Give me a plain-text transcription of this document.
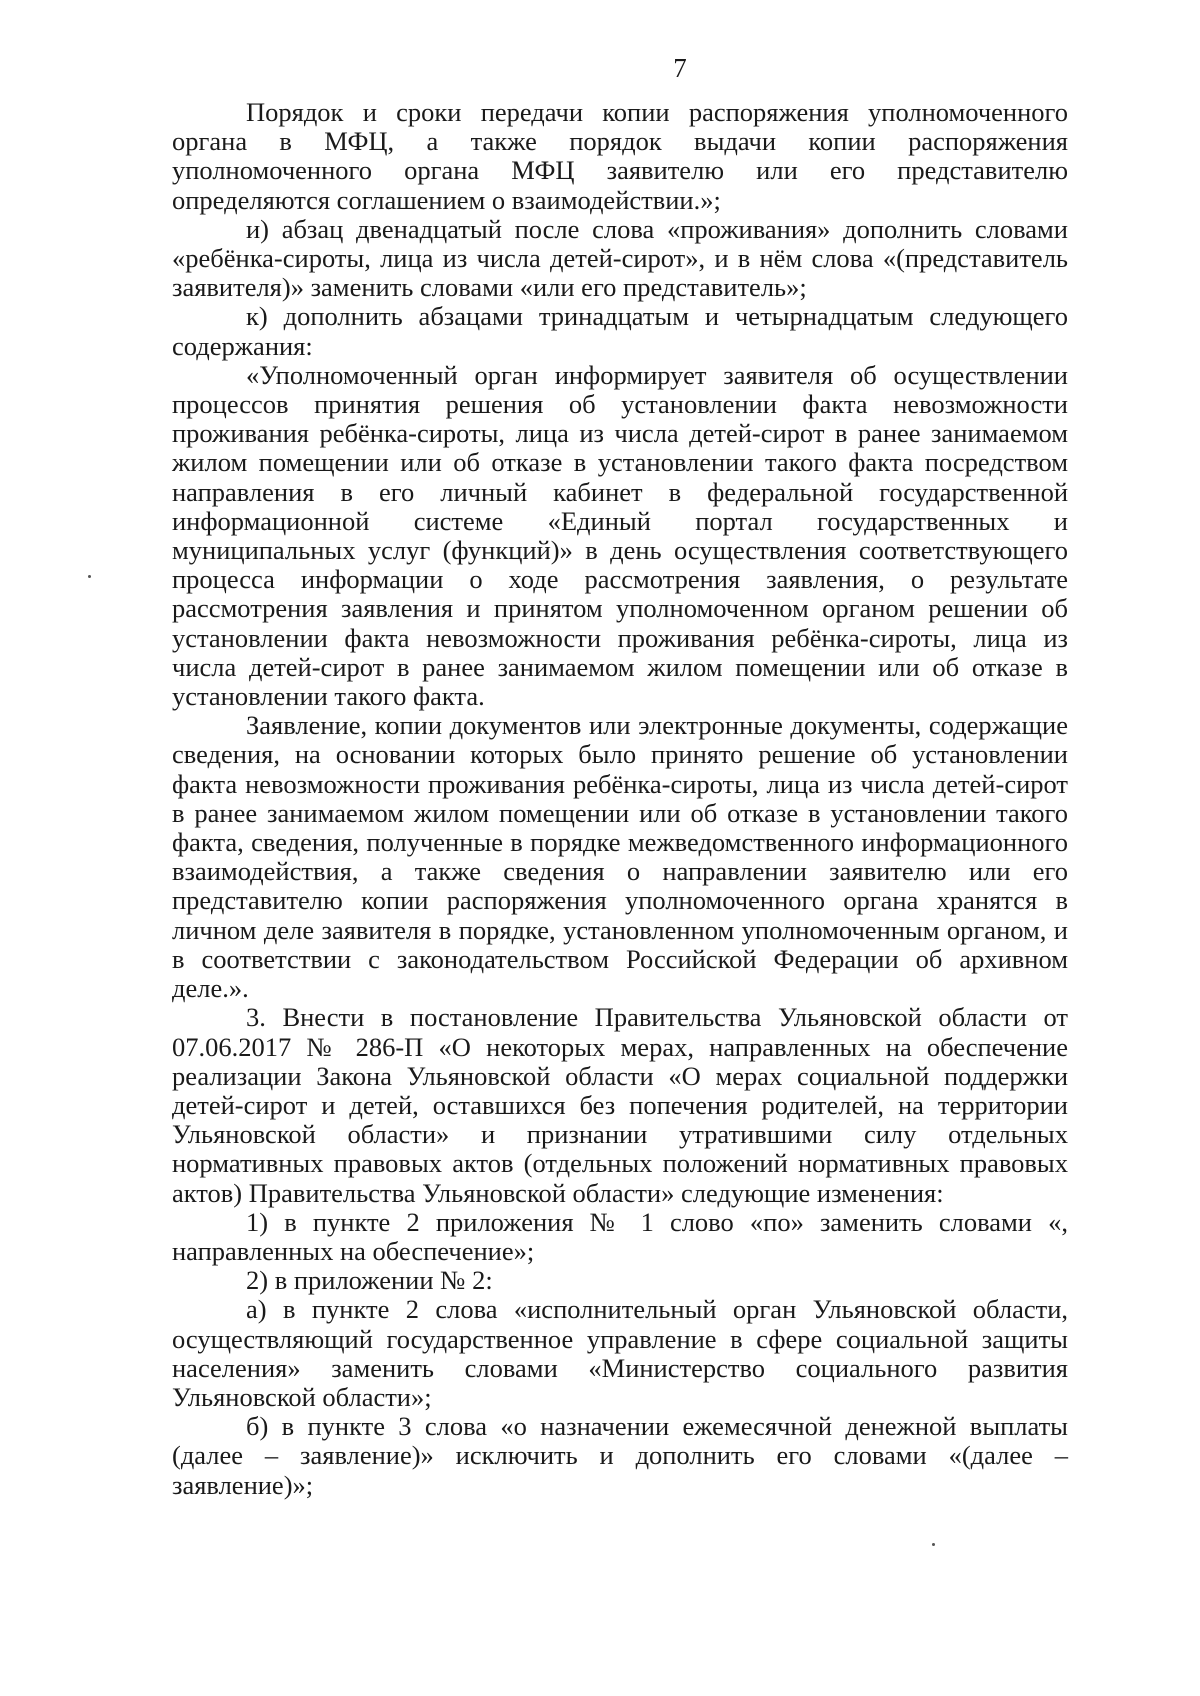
7

Порядок и сроки передачи копии распоряжения уполномоченного органа в МФЦ, а также порядок выдачи копии распоряжения уполномоченного органа МФЦ заявителю или его представителю определяются соглашением о взаимодействии.»;

и) абзац двенадцатый после слова «проживания» дополнить словами «ребёнка-сироты, лица из числа детей-сирот», и в нём слова «(представитель заявителя)» заменить словами «или его представитель»;

к) дополнить абзацами тринадцатым и четырнадцатым следующего содержания:

«Уполномоченный орган информирует заявителя об осуществлении процессов принятия решения об установлении факта невозможности проживания ребёнка-сироты, лица из числа детей-сирот в ранее занимаемом жилом помещении или об отказе в установлении такого факта посредством направления в его личный кабинет в федеральной государственной информационной системе «Единый портал государственных и муниципальных услуг (функций)» в день осуществления соответствующего процесса информации о ходе рассмотрения заявления, о результате рассмотрения заявления и принятом уполномоченном органом решении об установлении факта невозможности проживания ребёнка-сироты, лица из числа детей-сирот в ранее занимаемом жилом помещении или об отказе в установлении такого факта.

Заявление, копии документов или электронные документы, содержащие сведения, на основании которых было принято решение об установлении факта невозможности проживания ребёнка-сироты, лица из числа детей-сирот в ранее занимаемом жилом помещении или об отказе в установлении такого факта, сведения, полученные в порядке межведомственного информационного взаимодействия, а также сведения о направлении заявителю или его представителю копии распоряжения уполномоченного органа хранятся в личном деле заявителя в порядке, установленном уполномоченным органом, и в соответствии с законодательством Российской Федерации об архивном деле.».

3. Внести в постановление Правительства Ульяновской области от 07.06.2017 № 286-П «О некоторых мерах, направленных на обеспечение реализации Закона Ульяновской области «О мерах социальной поддержки детей-сирот и детей, оставшихся без попечения родителей, на территории Ульяновской области» и признании утратившими силу отдельных нормативных правовых актов (отдельных положений нормативных правовых актов) Правительства Ульяновской области» следующие изменения:

1) в пункте 2 приложения № 1 слово «по» заменить словами «, направленных на обеспечение»;

2) в приложении № 2:

а) в пункте 2 слова «исполнительный орган Ульяновской области, осуществляющий государственное управление в сфере социальной защиты населения» заменить словами «Министерство социального развития Ульяновской области»;

б) в пункте 3 слова «о назначении ежемесячной денежной выплаты (далее – заявление)» исключить и дополнить его словами «(далее – заявление)»;
